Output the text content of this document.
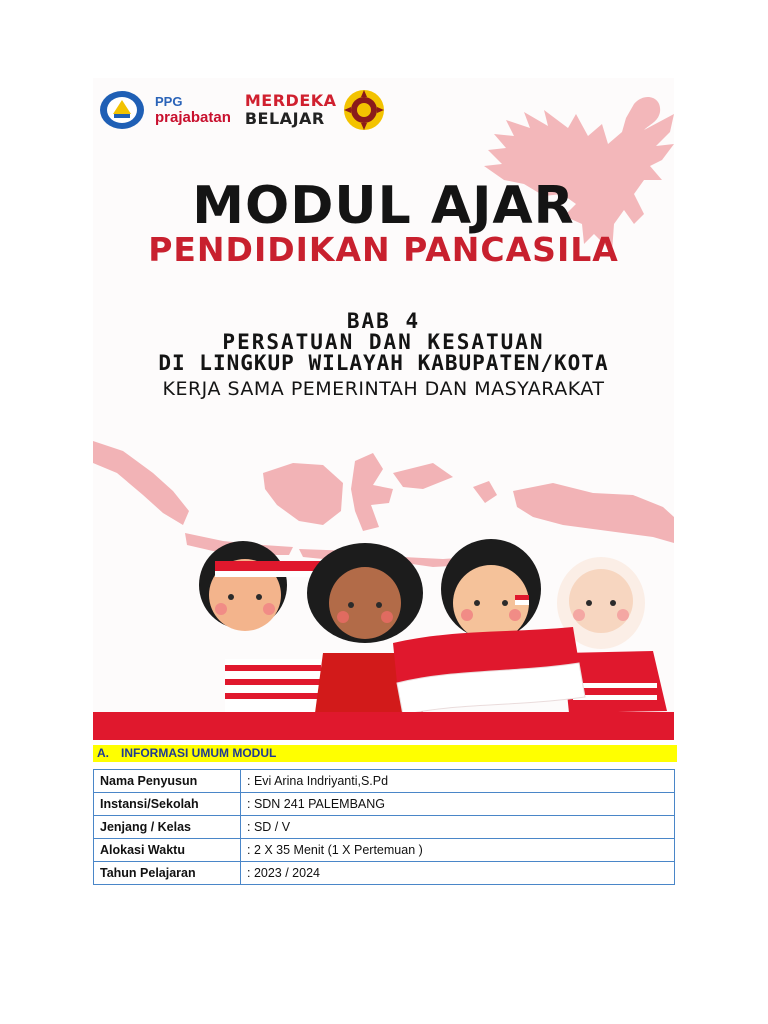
PPG
prajabatan
MERDEKA
BELAJAR
MODUL AJAR
PENDIDIKAN PANCASILA
BAB 4
PERSATUAN DAN KESATUAN
DI LINGKUP WILAYAH KABUPATEN/KOTA
KERJA SAMA PEMERINTAH DAN MASYARAKAT
A. INFORMASI UMUM MODUL
Nama Penyusun	: Evi Arina Indriyanti,S.Pd
Instansi/Sekolah	: SDN 241 PALEMBANG
Jenjang / Kelas	: SD / V
Alokasi Waktu	: 2 X 35 Menit (1 X Pertemuan )
Tahun Pelajaran	: 2023 / 2024
